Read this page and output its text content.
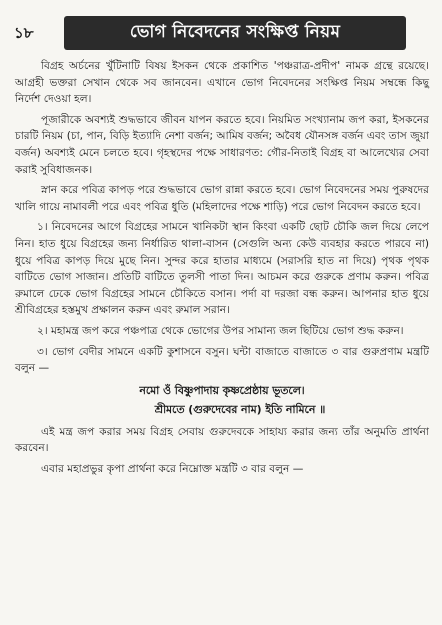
১৮	ভোগ নিবেদনের সংক্ষিপ্ত নিয়ম

বিগ্রহ অর্চনের খুঁটিনাটি বিষয় ইসকন থেকে প্রকাশিত 'পঞ্চরাত্র-প্রদীপ' নামক গ্রন্থে রয়েছে। আগ্রহী ভক্তরা সেখান থেকে সব জানবেন। এখানে ভোগ নিবেদনের সংক্ষিপ্ত নিয়ম সম্বন্ধে কিছু নির্দেশ দেওয়া হল।

পূজারীকে অবশ্যই শুদ্ধভাবে জীবন যাপন করতে হবে। নিয়মিত সংখ্যানাম জপ করা, ইসকনের চারটি নিয়ম (চা, পান, বিড়ি ইত্যাদি নেশা বর্জন; আমিষ বর্জন; অবৈধ যৌনসঙ্গ বর্জন এবং তাস জুয়া বর্জন) অবশ্যই মেনে চলতে হবে। গৃহস্থদের পক্ষে সাধারণত: গৌর-নিতাই বিগ্রহ বা আলেখ্যের সেবা করাই সুবিধাজনক।

স্নান করে পবিত্র কাপড় পরে শুদ্ধভাবে ভোগ রান্না করতে হবে। ভোগ নিবেদনের সময় পুরুষদের খালি গায়ে নামাবলী পরে এবং পবিত্র ধুতি (মহিলাদের পক্ষে শাড়ি) পরে ভোগ নিবেদন করতে হবে।

১। নিবেদনের আগে বিগ্রহের সামনে খানিকটা স্থান কিংবা একটি ছোট চৌকি জল দিয়ে লেপে নিন। হাত ধুয়ে বিগ্রহের জন্য নির্ধারিত থালা-বাসন (সেগুলি অন্য কেউ ব্যবহার করতে পারবে না) ধুয়ে পবিত্র কাপড় দিয়ে মুছে নিন। সুন্দর করে হাতার মাধ্যমে (সরাসরি হাত না দিয়ে) পৃথক পৃথক বাটিতে ভোগ সাজান। প্রতিটি বাটিতে তুলসী পাতা দিন। আচমন করে গুরুকে প্রণাম করুন। পবিত্র রুমালে ঢেকে ভোগ বিগ্রহের সামনে চৌকিতে বসান। পর্দা বা দরজা বন্ধ করুন। আপনার হাত ধুয়ে শ্রীবিগ্রহের হস্তমুখ প্রক্ষালন করুন এবং রুমাল সরান।

২। মহামন্ত্র জপ করে পঞ্চপাত্র থেকে ভোগের উপর সামান্য জল ছিটিয়ে ভোগ শুদ্ধ করুন।

৩। ভোগ বেদীর সামনে একটি কুশাসনে বসুন। ঘন্টা বাজাতে বাজাতে ৩ বার গুরুপ্রণাম মন্ত্রটি বলুন —

নমো ওঁ বিষ্ণুপাদায় কৃষ্ণপ্রেষ্ঠায় ভূতলে।
শ্রীমতে (গুরুদেবের নাম) ইতি নামিনে ॥

এই মন্ত্র জপ করার সময় বিগ্রহ সেবায় গুরুদেবকে সাহায্য করার জন্য তাঁর অনুমতি প্রার্থনা করবেন।

এবার মহাপ্রভুর কৃপা প্রার্থনা করে নিম্নোক্ত মন্ত্রটি ৩ বার বলুন —
